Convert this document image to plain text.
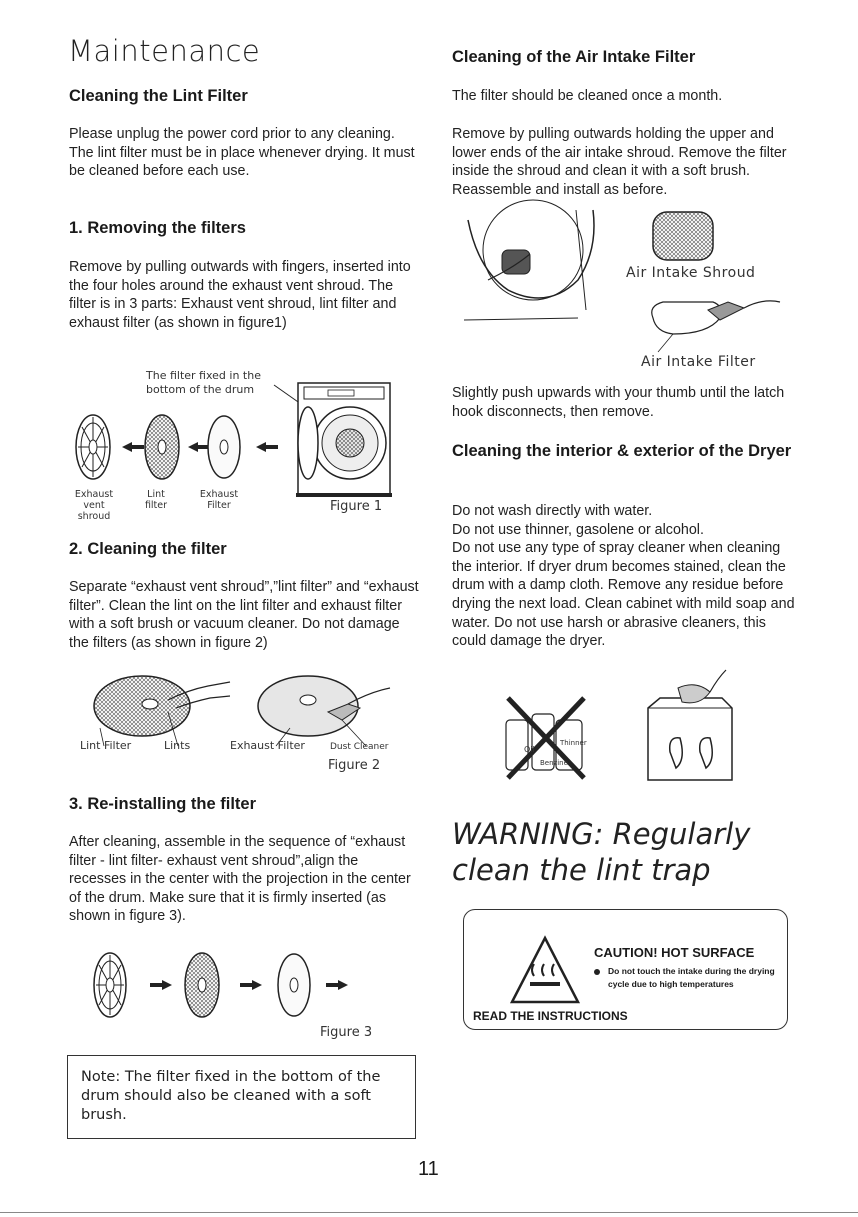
Maintenance
Cleaning the Lint Filter

Please unplug the power cord prior to any cleaning. The lint filter must be in place whenever drying. It must be cleaned before each use.

1. Removing the filters

Remove by pulling outwards with fingers, inserted into the four holes around the exhaust vent shroud. The filter is in 3 parts: Exhaust vent shroud, lint filter and exhaust filter (as shown in figure1)

The filter fixed in the
bottom of the drum
Exhaust
vent shroud
Lint
filter
Exhaust
Filter	Figure 1
2. Cleaning the filter

Separate “exhaust vent shroud”,”lint filter” and “exhaust filter”. Clean the lint on the lint filter and exhaust filter with a soft brush or vacuum cleaner. Do not damage the filters (as shown in figure 2)

Lint Filter	Lints	Exhaust Filter	Dust Cleaner
Figure 2
3. Re-installing the filter

After cleaning, assemble in the sequence of “exhaust filter - lint filter- exhaust vent shroud”,align the recesses in the center with the projection in the center of the drum. Make sure that it is firmly inserted (as shown in figure 3).

Figure 3
Note: The filter fixed in the bottom of the drum should also be cleaned with a soft brush.
Cleaning of the Air Intake Filter

The filter should be cleaned once a month.

Remove by pulling outwards holding the upper and lower ends of the air intake shroud. Remove the filter inside the shroud and clean it with a soft brush. Reassemble and install as before.

Air Intake Shroud
Air Intake Filter

Slightly push upwards with your thumb until the latch hook disconnects, then remove.

Cleaning the interior & exterior of the Dryer

Do not wash directly with water.
Do not use thinner, gasolene or alcohol.
Do not use any type of spray cleaner when cleaning the interior. If dryer drum becomes stained, clean the drum with a damp cloth. Remove any residue before drying the next load. Clean cabinet with mild soap and water. Do not use harsh or abrasive cleaners, this could damage the dryer.

Oil
Thinner
Benzine
WARNING: Regularly clean the lint trap
CAUTION! HOT SURFACE
Do not touch the intake during the drying cycle due to high temperatures
READ THE INSTRUCTIONS
11
